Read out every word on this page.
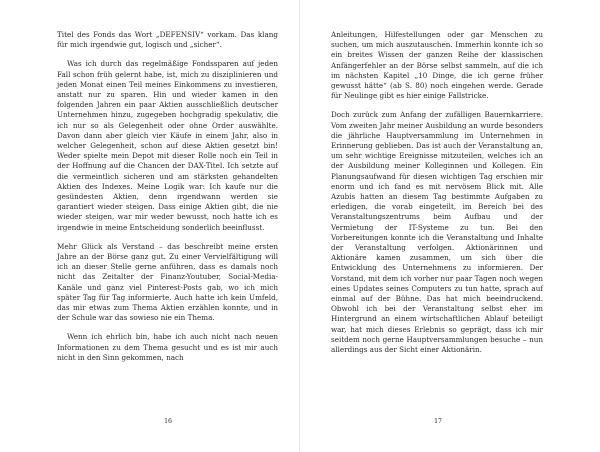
Titel des Fonds das Wort „DEFENSIV“ vorkam. Das klang für mich irgendwie gut, logisch und „sicher“.

Was ich durch das regelmäßige Fondssparen auf jeden Fall schon früh gelernt habe, ist, mich zu disziplinieren und jeden Monat einen Teil meines Einkommens zu investieren, anstatt nur zu sparen. Hin und wieder kamen in den folgenden Jahren ein paar Aktien ausschließlich deutscher Unternehmen hinzu, zugegeben hochgradig spekulativ, die ich nur so als Gelegenheit oder ohne Order auswählte. Davon dann aber gleich vier Käufe in einem Jahr, also in welcher Gelegenheit, schon auf diese Aktien gesetzt bin! Weder spielte mein Depot mit dieser Rolle noch ein Teil in der Hoffnung auf die Chancen der DAX-Titel. Ich setzte auf die vermeintlich sicheren und am stärksten gehandelten Aktien des Indexes. Meine Logik war: Ich kaufe nur die gesündesten Aktien, denn irgendwann werden sie garantiert wieder steigen. Dass einige Aktien gibt, die nie wieder steigen, war mir weder bewusst, noch hatte ich es irgendwie in meine Entscheidung sonderlich beeinflusst.

Mehr Glück als Verstand – das beschreibt meine ersten Jahre an der Börse ganz gut. Zu einer Vervielfältigung will ich an dieser Stelle gerne anführen, dass es damals noch nicht das Zeitalter der Finanz-Youtuber, Social-Media-Kanäle und ganz viel Pinterest-Posts gab, wo ich mich später Tag für Tag informierte. Auch hatte ich kein Umfeld, das mir etwas zum Thema Aktien erzählen konnte, und in der Schule war das sowieso nie ein Thema.

Wenn ich ehrlich bin, habe ich auch nicht nach neuen Informationen zu dem Thema gesucht und es ist mir auch nicht in den Sinn gekommen, nach

16

Anleitungen, Hilfestellungen oder gar Menschen zu suchen, um mich auszutauschen. Immerhin konnte ich so ein breites Wissen der ganzen Reihe der klassischen Anfängerfehler an der Börse selbst sammeln, auf die ich im nächsten Kapitel „10 Dinge, die ich gerne früher gewusst hätte“ (ab S. 80) noch eingehen werde. Gerade für Neulinge gibt es hier einige Fallstricke.

Doch zurück zum Anfang der zufälligen Bauernkarriere. Vom zweiten Jahr meiner Ausbildung an wurde besonders die jährliche Hauptversammlung im Unternehmen in Erinnerung geblieben. Das ist auch der Veranstaltung an, um sehr wichtige Ereignisse mitzuteilen, welches ich an der Ausbildung meiner Kolleginnen und Kollegen. Ein Planungsaufwand für diesen wichtigen Tag erschien mir enorm und ich fand es mit nervösem Blick mit. Alle Azubis hatten an diesem Tag bestimmte Aufgaben zu erledigen, die vorab eingeteilt, im Bereich bei des Veranstaltungszentrums beim Aufbau und der Vermietung der IT-Systeme zu tun. Bei den Vorbereitungen konnte ich die Veranstaltung und Inhalte der Veranstaltung verfolgen. Aktionärinnen und Aktionäre kamen zusammen, um sich über die Entwicklung des Unternehmens zu informieren. Der Vorstand, mit dem ich vorher nur paar Tagen noch wegen eines Updates seines Computers zu tun hatte, sprach auf einmal auf der Bühne. Das hat mich beeindruckend. Obwohl ich bei der Veranstaltung selbst eher im Hintergrund an einem wirtschaftlichen Ablauf beteiligt war, hat mich dieses Erlebnis so geprägt, dass ich mir seitdem noch gerne Hauptversammlungen besuche – nun allerdings aus der Sicht einer Aktionärin.

17
